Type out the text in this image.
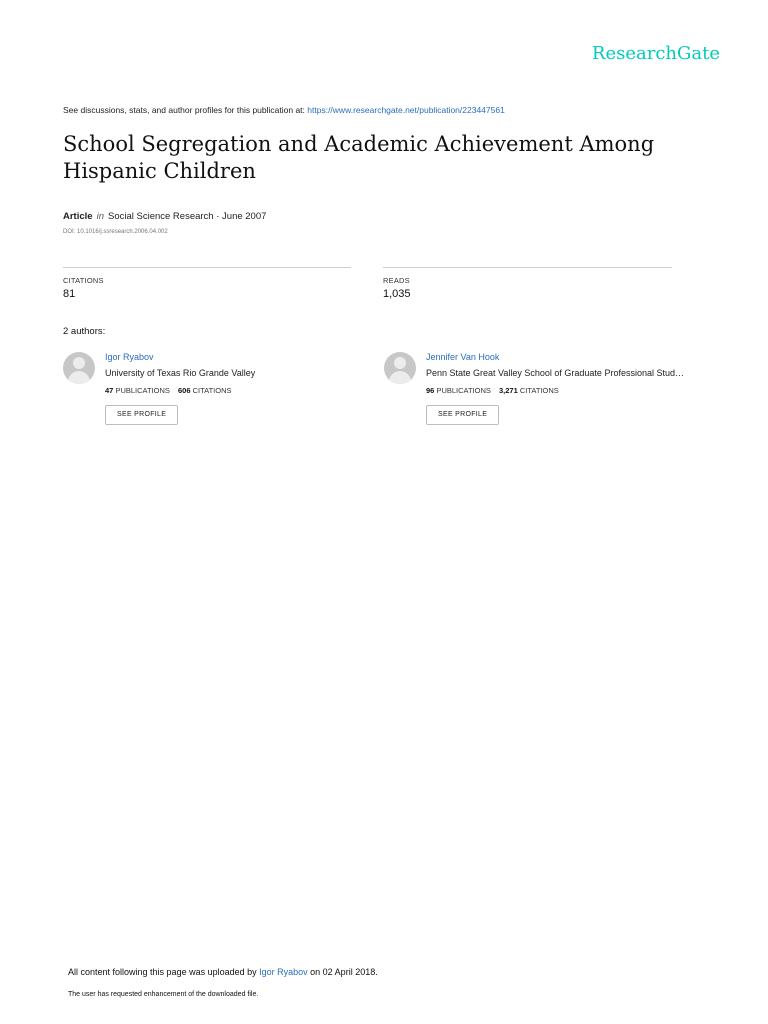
ResearchGate
See discussions, stats, and author profiles for this publication at: https://www.researchgate.net/publication/223447561
School Segregation and Academic Achievement Among Hispanic Children
Article in Social Science Research · June 2007
DOI: 10.1016/j.ssresearch.2006.04.002
CITATIONS
81
READS
1,035
2 authors:
Igor Ryabov
University of Texas Rio Grande Valley
47 PUBLICATIONS 606 CITATIONS
SEE PROFILE
Jennifer Van Hook
Penn State Great Valley School of Graduate Professional Stud…
96 PUBLICATIONS 3,271 CITATIONS
SEE PROFILE
All content following this page was uploaded by Igor Ryabov on 02 April 2018.
The user has requested enhancement of the downloaded file.
